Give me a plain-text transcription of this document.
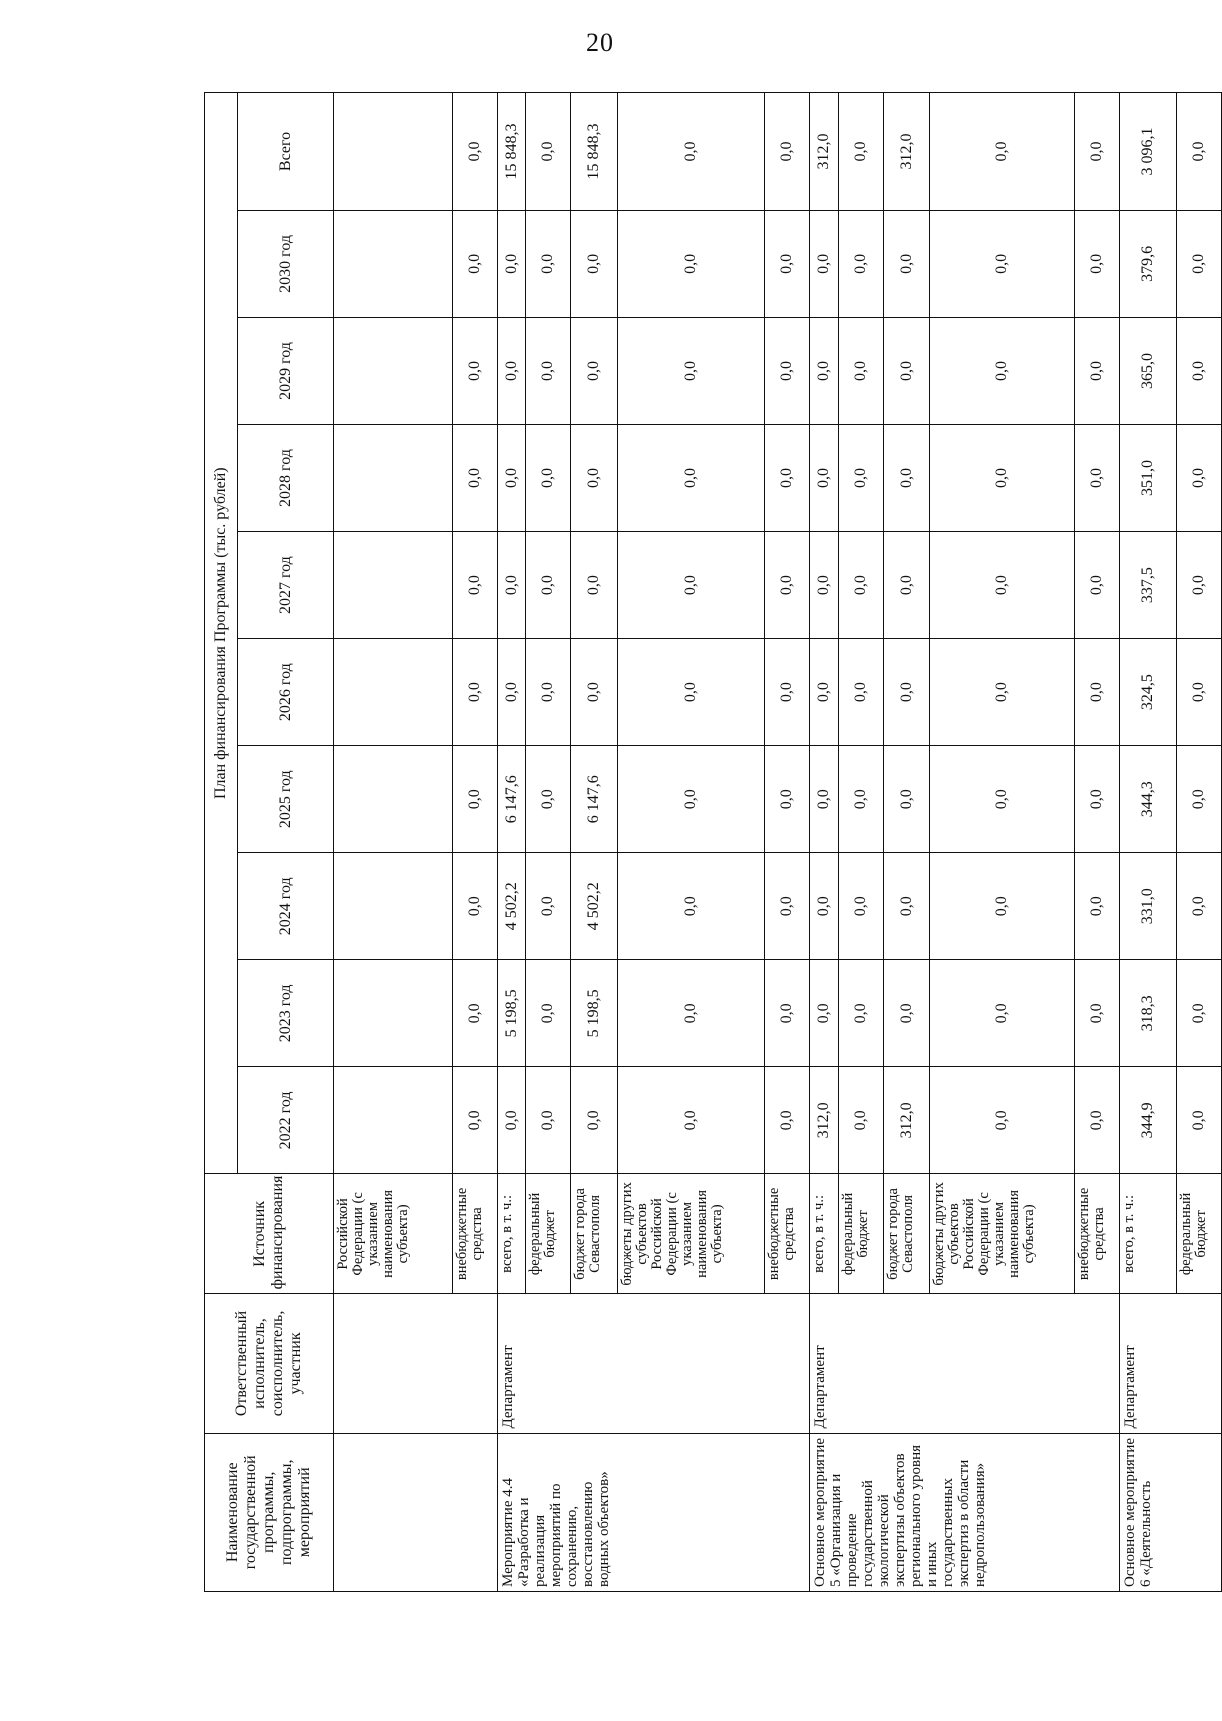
20
Наименование государственной программы, подпрограммы, мероприятий	Ответственный исполнитель, соисполнитель, участник	Источник финансирования	План финансирования Программы (тыс. рублей)									
			2022 год	2023 год	2024 год	2025 год	2026 год	2027 год	2028 год	2029 год	2030 год	Всего
		Российской Федерации (с указанием наименования субъекта)										
		внебюджетные средства	0,0	0,0	0,0	0,0	0,0	0,0	0,0	0,0	0,0	0,0
Мероприятие 4.4 «Разработка и реализация мероприятий по сохранению, восстановлению водных объектов»	Департамент	всего, в т. ч.:	0,0	5 198,5	4 502,2	6 147,6	0,0	0,0	0,0	0,0	0,0	15 848,3
		федеральный бюджет	0,0	0,0	0,0	0,0	0,0	0,0	0,0	0,0	0,0	0,0
		бюджет города Севастополя	0,0	5 198,5	4 502,2	6 147,6	0,0	0,0	0,0	0,0	0,0	15 848,3
		бюджеты других субъектов Российской Федерации (с указанием наименования субъекта)	0,0	0,0	0,0	0,0	0,0	0,0	0,0	0,0	0,0	0,0
		внебюджетные средства	0,0	0,0	0,0	0,0	0,0	0,0	0,0	0,0	0,0	0,0
Основное мероприятие 5 «Организация и проведение государственной экологической экспертизы объектов регионального уровня и иных государственных экспертиз в области недропользования»	Департамент	всего, в т. ч.:	312,0	0,0	0,0	0,0	0,0	0,0	0,0	0,0	0,0	312,0
		федеральный бюджет	0,0	0,0	0,0	0,0	0,0	0,0	0,0	0,0	0,0	0,0
		бюджет города Севастополя	312,0	0,0	0,0	0,0	0,0	0,0	0,0	0,0	0,0	312,0
		бюджеты других субъектов Российской Федерации (с указанием наименования субъекта)	0,0	0,0	0,0	0,0	0,0	0,0	0,0	0,0	0,0	0,0
		внебюджетные средства	0,0	0,0	0,0	0,0	0,0	0,0	0,0	0,0	0,0	0,0
Основное мероприятие 6 «Деятельность	Департамент	всего, в т. ч.:	344,9	318,3	331,0	344,3	324,5	337,5	351,0	365,0	379,6	3 096,1
		федеральный бюджет	0,0	0,0	0,0	0,0	0,0	0,0	0,0	0,0	0,0	0,0
